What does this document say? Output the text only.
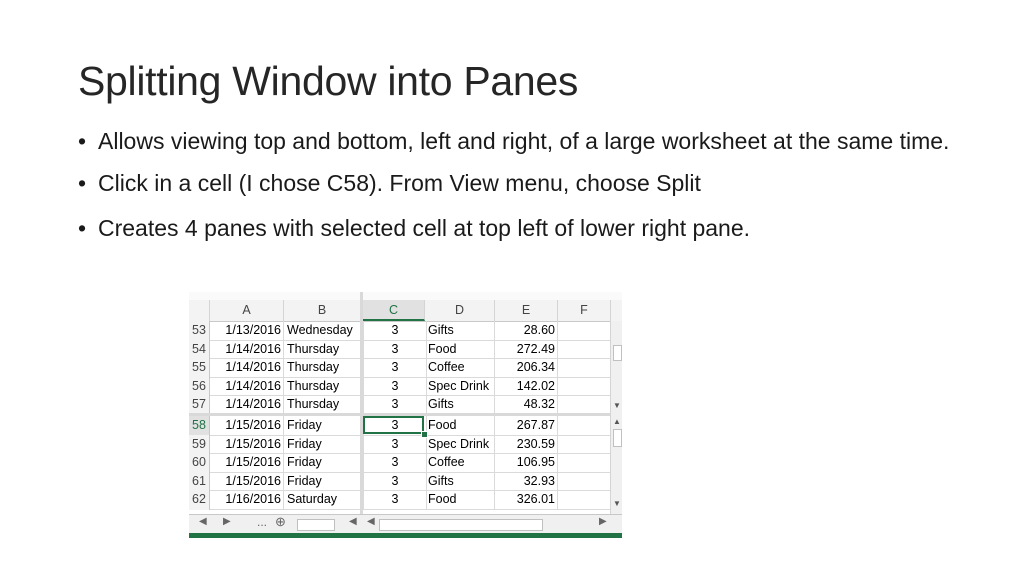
Splitting Window into Panes
• Allows viewing top and bottom, left and right, of a large worksheet at the same time.
• Click in a cell (I chose C58). From View menu, choose Split
• Creates 4 panes with selected cell at top left of lower right pane.
A	B	C	D	E	F
53	1/13/2016 Wednesday	3	Gifts	28.60
54	1/14/2016 Thursday	3	Food	272.49
55	1/14/2016 Thursday	3	Coffee	206.34
56	1/14/2016 Thursday	3	Spec Drink	142.02
57	1/14/2016 Thursday	3	Gifts	48.32
58	1/15/2016 Friday	3	Food	267.87
59	1/15/2016 Friday	3	Spec Drink	230.59
60	1/15/2016 Friday	3	Coffee	106.95
61	1/15/2016 Friday	3	Gifts	32.93
62	1/16/2016 Saturday	3	Food	326.01
▼
▲
▼
◀ ▶ ... ⊕	◀ ◀	▶
